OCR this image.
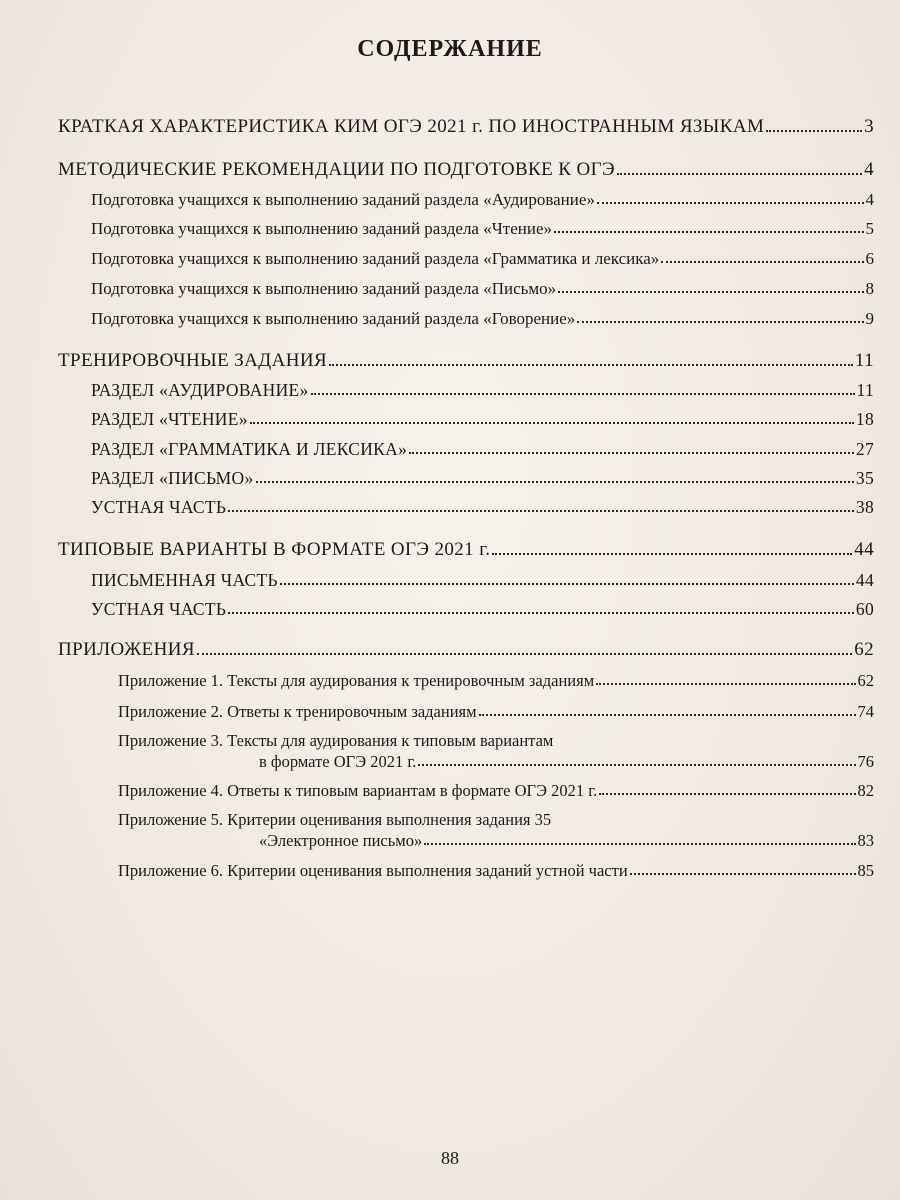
СОДЕРЖАНИЕ
КРАТКАЯ ХАРАКТЕРИСТИКА КИМ ОГЭ 2021 г. ПО ИНОСТРАННЫМ ЯЗЫКАМ	3
МЕТОДИЧЕСКИЕ РЕКОМЕНДАЦИИ ПО ПОДГОТОВКЕ К ОГЭ	4
Подготовка учащихся к выполнению заданий раздела «Аудирование»	4
Подготовка учащихся к выполнению заданий раздела «Чтение»	5
Подготовка учащихся к выполнению заданий раздела «Грамматика и лексика»	6
Подготовка учащихся к выполнению заданий раздела «Письмо»	8
Подготовка учащихся к выполнению заданий раздела «Говорение»	9
ТРЕНИРОВОЧНЫЕ ЗАДАНИЯ	11
РАЗДЕЛ «АУДИРОВАНИЕ»	11
РАЗДЕЛ «ЧТЕНИЕ»	18
РАЗДЕЛ «ГРАММАТИКА И ЛЕКСИКА»	27
РАЗДЕЛ «ПИСЬМО»	35
УСТНАЯ ЧАСТЬ	38
ТИПОВЫЕ ВАРИАНТЫ В ФОРМАТЕ ОГЭ 2021 г.	44
ПИСЬМЕННАЯ ЧАСТЬ	44
УСТНАЯ ЧАСТЬ	60
ПРИЛОЖЕНИЯ	62
Приложение 1. Тексты для аудирования к тренировочным заданиям	62
Приложение 2. Ответы к тренировочным заданиям	74
Приложение 3. Тексты для аудирования к типовым вариантам
в формате ОГЭ 2021 г.	76
Приложение 4. Ответы к типовым вариантам в формате ОГЭ 2021 г.	82
Приложение 5. Критерии оценивания выполнения задания 35
«Электронное письмо»	83
Приложение 6. Критерии оценивания выполнения заданий устной части	85
88
